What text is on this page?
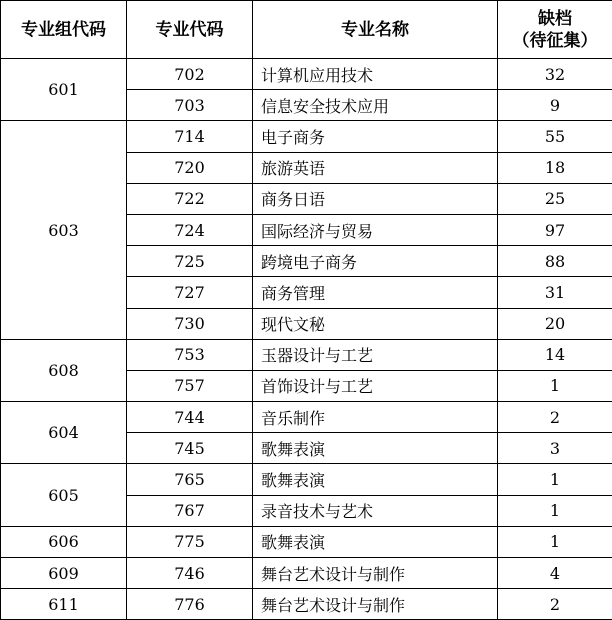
专业组代码	专业代码	专业名称	缺档
（待征集）

601	702	计算机应用技术	32
	703	信息安全技术应用	9
603	714	电子商务	55
	720	旅游英语	18
	722	商务日语	25
	724	国际经济与贸易	97
	725	跨境电子商务	88
	727	商务管理	31
	730	现代文秘	20
608	753	玉器设计与工艺	14
	757	首饰设计与工艺	1
604	744	音乐制作	2
	745	歌舞表演	3
605	765	歌舞表演	1
	767	录音技术与艺术	1
606	775	歌舞表演	1
609	746	舞台艺术设计与制作	4
611	776	舞台艺术设计与制作	2
